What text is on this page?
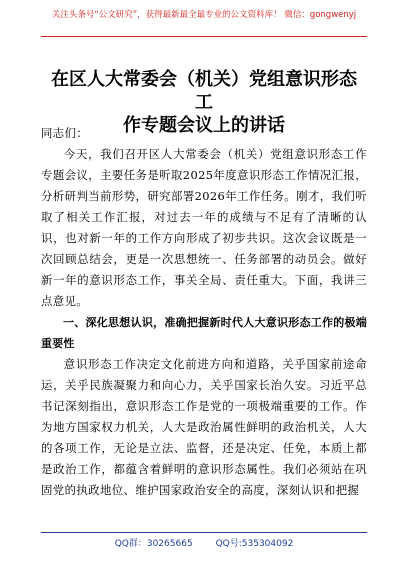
关注头条号“公文研究”，获得最新最全最专业的公文资料库！ 微信：gongwenyj
在区人大常委会（机关）党组意识形态工
作专题会议上的讲话

同志们：

今天，我们召开区人大常委会（机关）党组意识形态工作专题会议，主要任务是听取2025年度意识形态工作情况汇报，分析研判当前形势，研究部署2026年工作任务。刚才，我们听取了相关工作汇报，对过去一年的成绩与不足有了清晰的认识，也对新一年的工作方向形成了初步共识。这次会议既是一次回顾总结会，更是一次思想统一、任务部署的动员会。做好新一年的意识形态工作，事关全局、责任重大。下面，我讲三点意见。

一、深化思想认识，准确把握新时代人大意识形态工作的极端重要性

意识形态工作决定文化前进方向和道路，关乎国家前途命运，关乎民族凝聚力和向心力，关乎国家长治久安。习近平总书记深刻指出，意识形态工作是党的一项极端重要的工作。作为地方国家权力机关，人大是政治属性鲜明的政治机关，人大的各项工作，无论是立法、监督，还是决定、任免，本质上都是政治工作，都蕴含着鲜明的意识形态属性。我们必须站在巩固党的执政地位、维护国家政治安全的高度，深刻认识和把握

QQ群：30265665	QQ号:535304092
